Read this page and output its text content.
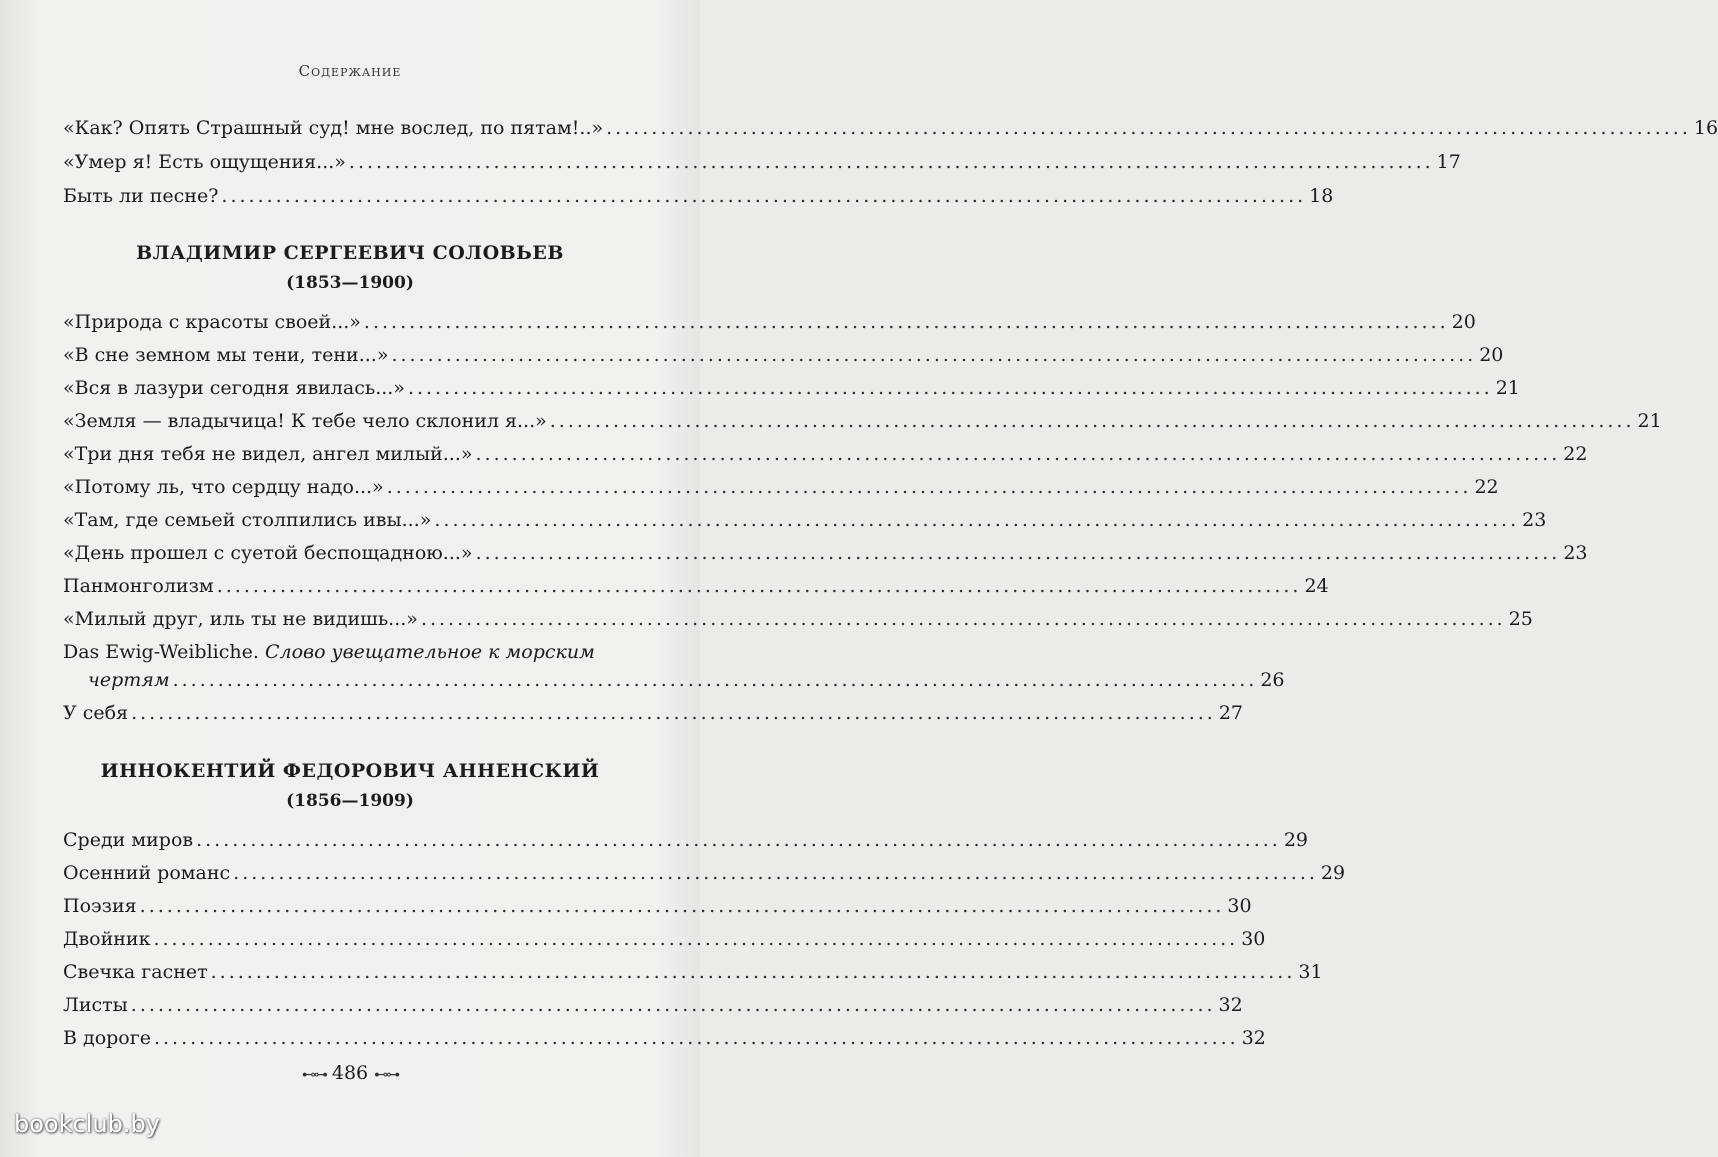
Содержание
«Как? Опять Страшный суд! мне вослед, по пятам!..» ........................................................................................................................ 16
«Умер я! Есть ощущения...» ........................................................................................................................ 17
Быть ли песне? ........................................................................................................................ 18
ВЛАДИМИР СЕРГЕЕВИЧ СОЛОВЬЕВ
(1853—1900)
«Природа с красоты своей...» ........................................................................................................................ 20
«В сне земном мы тени, тени...» ........................................................................................................................ 20
«Вся в лазури сегодня явилась...» ........................................................................................................................ 21
«Земля — владычица! К тебе чело склонил я...» ........................................................................................................................ 21
«Три дня тебя не видел, ангел милый...» ........................................................................................................................ 22
«Потому ль, что сердцу надо...» ........................................................................................................................ 22
«Там, где семьей столпились ивы...» ........................................................................................................................ 23
«День прошел с суетой беспощадною...» ........................................................................................................................ 23
Панмонголизм ........................................................................................................................ 24
«Милый друг, иль ты не видишь...» ........................................................................................................................ 25
Das Ewig-Weibliche. Слово увещательное к морским
чертям ........................................................................................................................ 26
У себя ........................................................................................................................ 27
ИННОКЕНТИЙ ФЕДОРОВИЧ АННЕНСКИЙ
(1856—1909)
Среди миров ........................................................................................................................ 29
Осенний романс ........................................................................................................................ 29
Поэзия ........................................................................................................................ 30
Двойник ........................................................................................................................ 30
Свечка гаснет ........................................................................................................................ 31
Листы ........................................................................................................................ 32
В дороге ........................................................................................................................ 32
⊷⊶ 486 ⊷⊶
bookclub.by
